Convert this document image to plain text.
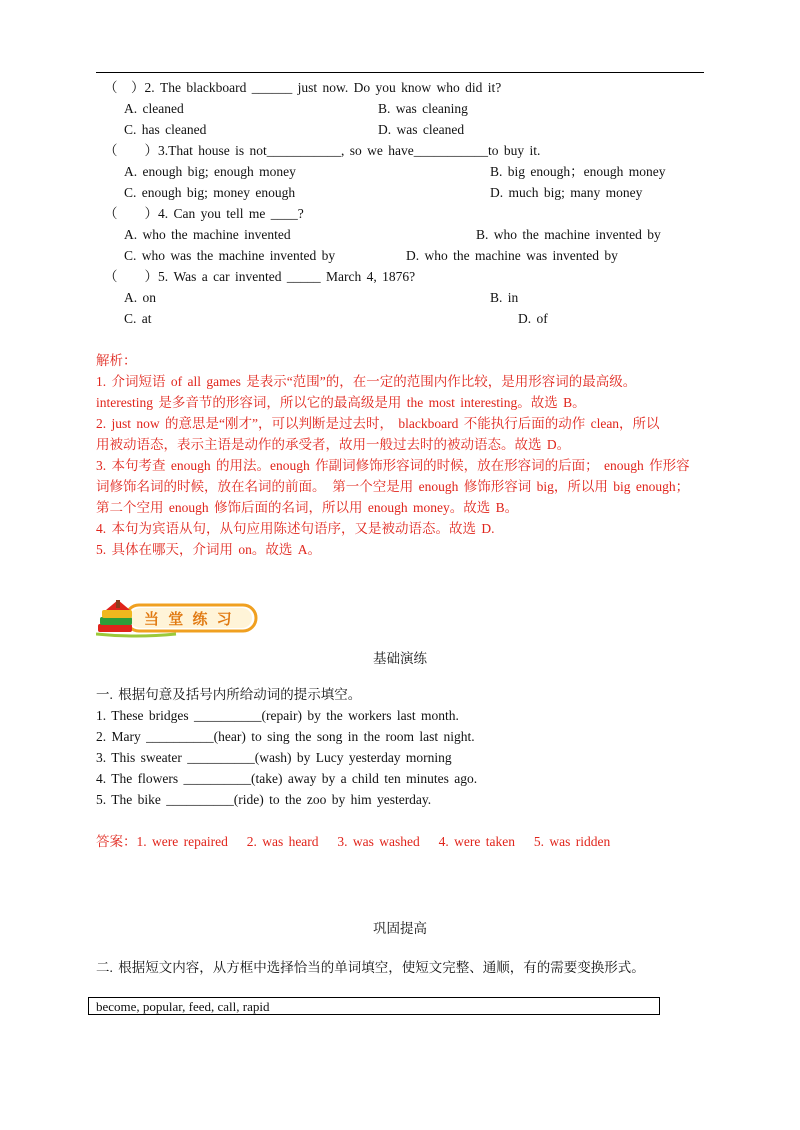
（　）2. The blackboard ______ just now. Do you know who did it?
A. cleaned	B. was cleaning
C. has cleaned	D. was cleaned
（　　）3.That house is not___________, so we have___________to buy it.
A. enough big; enough money	B. big enough；enough money
C. enough big; money enough	D. much big; many money
（　　）4. Can you tell me ____?
A. who the machine invented	B. who the machine invented by
C. who was the machine invented by	D. who the machine was invented by
（　　）5. Was a car invented _____ March 4, 1876?
A. on	B. in
C. at	D. of
解析：
1. 介词短语 of all games 是表示“范围”的，在一定的范围内作比较，是用形容词的最高级。
interesting 是多音节的形容词，所以它的最高级是用 the most interesting。故选 B。
2. just now 的意思是“刚才”，可以判断是过去时， blackboard 不能执行后面的动作 clean，所以
用被动语态，表示主语是动作的承受者，故用一般过去时的被动语态。故选 D。
3. 本句考查 enough 的用法。enough 作副词修饰形容词的时候，放在形容词的后面； enough 作形容
词修饰名词的时候，放在名词的前面。　第一个空是用 enough 修饰形容词 big，所以用 big enough；
第二个空用 enough 修饰后面的名词，所以用 enough money。故选 B。
4. 本句为宾语从句，从句应用陈述句语序，又是被动语态。故选 D.
5. 具体在哪天，介词用 on。故选 A。
当 堂 练 习
基础演练
一. 根据句意及括号内所给动词的提示填空。
1. These bridges __________(repair) by the workers last month.
2. Mary __________(hear) to sing the song in the room last night.
3. This sweater __________(wash) by Lucy yesterday morning
4. The flowers __________(take) away by a child ten minutes ago.
5. The bike __________(ride) to the zoo by him yesterday.
答案：1. were repaired　 2. was heard　 3. was washed　 4. were taken　 5. was ridden
巩固提高
二. 根据短文内容，从方框中选择恰当的单词填空，使短文完整、通顺，有的需要变换形式。
become, popular, feed, call, rapid
